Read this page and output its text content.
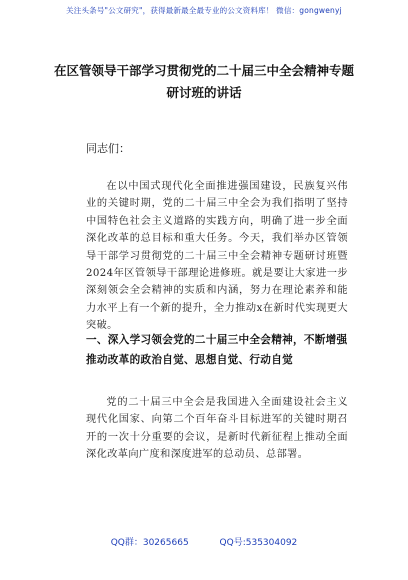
关注头条号"公文研究"，获得最新最全最专业的公文资料库！ 微信：gongwenyj
在区管领导干部学习贯彻党的二十届三中全会精神专题研讨班的讲话
同志们：
在以中国式现代化全面推进强国建设，民族复兴伟业的关键时期，党的二十届三中全会为我们指明了坚持中国特色社会主义道路的实践方向，明确了进一步全面深化改革的总目标和重大任务。今天，我们举办区管领导干部学习贯彻党的二十届三中全会精神专题研讨班暨2024年区管领导干部理论进修班。就是要让大家进一步深刻领会全会精神的实质和内涵，努力在理论素养和能力水平上有一个新的提升，全力推动x在新时代实现更大突破。
一、深入学习领会党的二十届三中全会精神，不断增强推动改革的政治自觉、思想自觉、行动自觉
党的二十届三中全会是我国进入全面建设社会主义现代化国家、向第二个百年奋斗目标进军的关键时期召开的一次十分重要的会议，是新时代新征程上推动全面深化改革向广度和深度进军的总动员、总部署。
QQ群：30265665	QQ号:535304092
